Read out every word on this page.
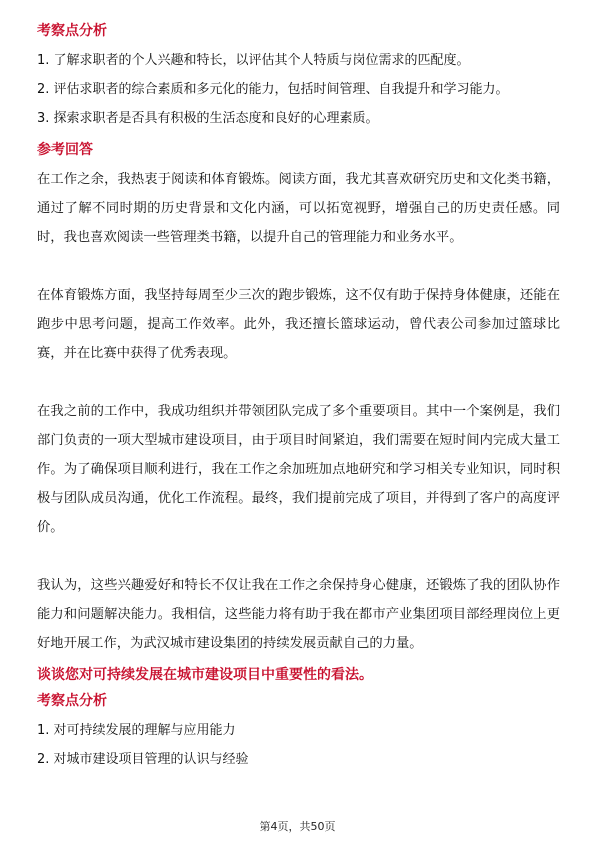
考察点分析

1. 了解求职者的个人兴趣和特长，以评估其个人特质与岗位需求的匹配度。

2. 评估求职者的综合素质和多元化的能力，包括时间管理、自我提升和学习能力。

3. 探索求职者是否具有积极的生活态度和良好的心理素质。

参考回答

在工作之余，我热衷于阅读和体育锻炼。阅读方面，我尤其喜欢研究历史和文化类书籍，通过了解不同时期的历史背景和文化内涵，可以拓宽视野，增强自己的历史责任感。同时，我也喜欢阅读一些管理类书籍，以提升自己的管理能力和业务水平。

在体育锻炼方面，我坚持每周至少三次的跑步锻炼，这不仅有助于保持身体健康，还能在跑步中思考问题，提高工作效率。此外，我还擅长篮球运动，曾代表公司参加过篮球比赛，并在比赛中获得了优秀表现。

在我之前的工作中，我成功组织并带领团队完成了多个重要项目。其中一个案例是，我们部门负责的一项大型城市建设项目，由于项目时间紧迫，我们需要在短时间内完成大量工作。为了确保项目顺利进行，我在工作之余加班加点地研究和学习相关专业知识，同时积极与团队成员沟通，优化工作流程。最终，我们提前完成了项目，并得到了客户的高度评价。

我认为，这些兴趣爱好和特长不仅让我在工作之余保持身心健康，还锻炼了我的团队协作能力和问题解决能力。我相信，这些能力将有助于我在都市产业集团项目部经理岗位上更好地开展工作，为武汉城市建设集团的持续发展贡献自己的力量。

谈谈您对可持续发展在城市建设项目中重要性的看法。
考察点分析

1. 对可持续发展的理解与应用能力

2. 对城市建设项目管理的认识与经验

第4页，共50页
